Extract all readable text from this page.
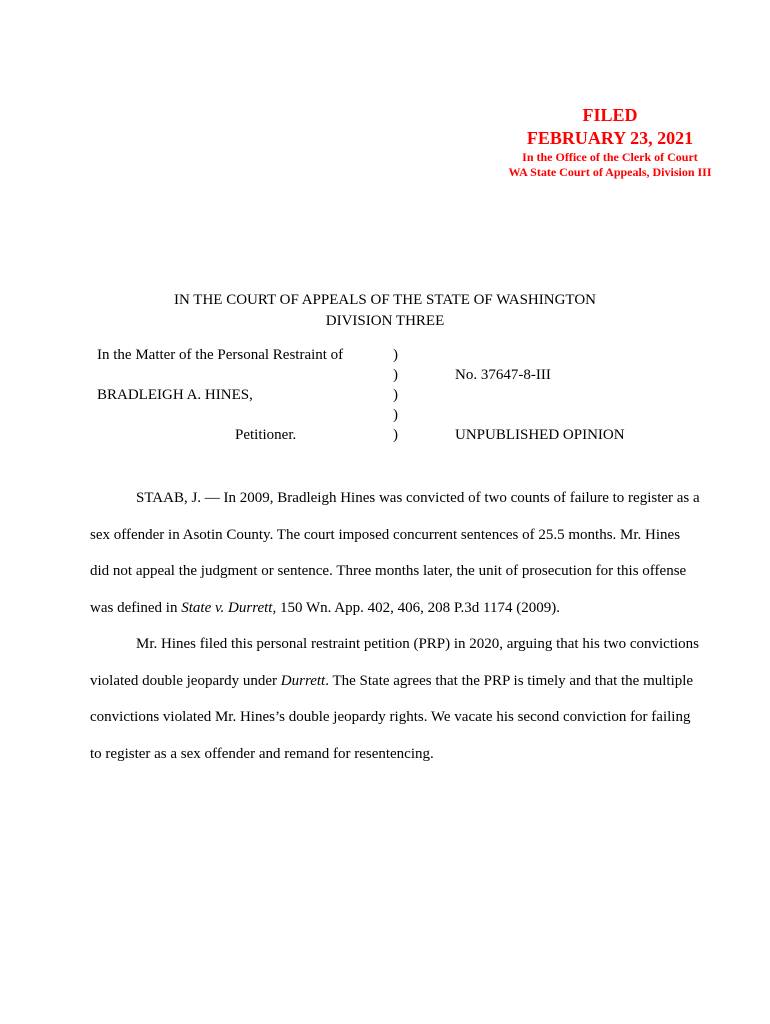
FILED
FEBRUARY 23, 2021
In the Office of the Clerk of Court
WA State Court of Appeals, Division III
IN THE COURT OF APPEALS OF THE STATE OF WASHINGTON
DIVISION THREE
In the Matter of the Personal Restraint of
BRADLEIGH A. HINES,
Petitioner.
)
)
)
)
)
No. 37647-8-III
UNPUBLISHED OPINION

STAAB, J. — In 2009, Bradleigh Hines was convicted of two counts of failure to register as a sex offender in Asotin County. The court imposed concurrent sentences of 25.5 months. Mr. Hines did not appeal the judgment or sentence. Three months later, the unit of prosecution for this offense was defined in State v. Durrett, 150 Wn. App. 402, 406, 208 P.3d 1174 (2009).

Mr. Hines filed this personal restraint petition (PRP) in 2020, arguing that his two convictions violated double jeopardy under Durrett. The State agrees that the PRP is timely and that the multiple convictions violated Mr. Hines’s double jeopardy rights. We vacate his second conviction for failing to register as a sex offender and remand for resentencing.
